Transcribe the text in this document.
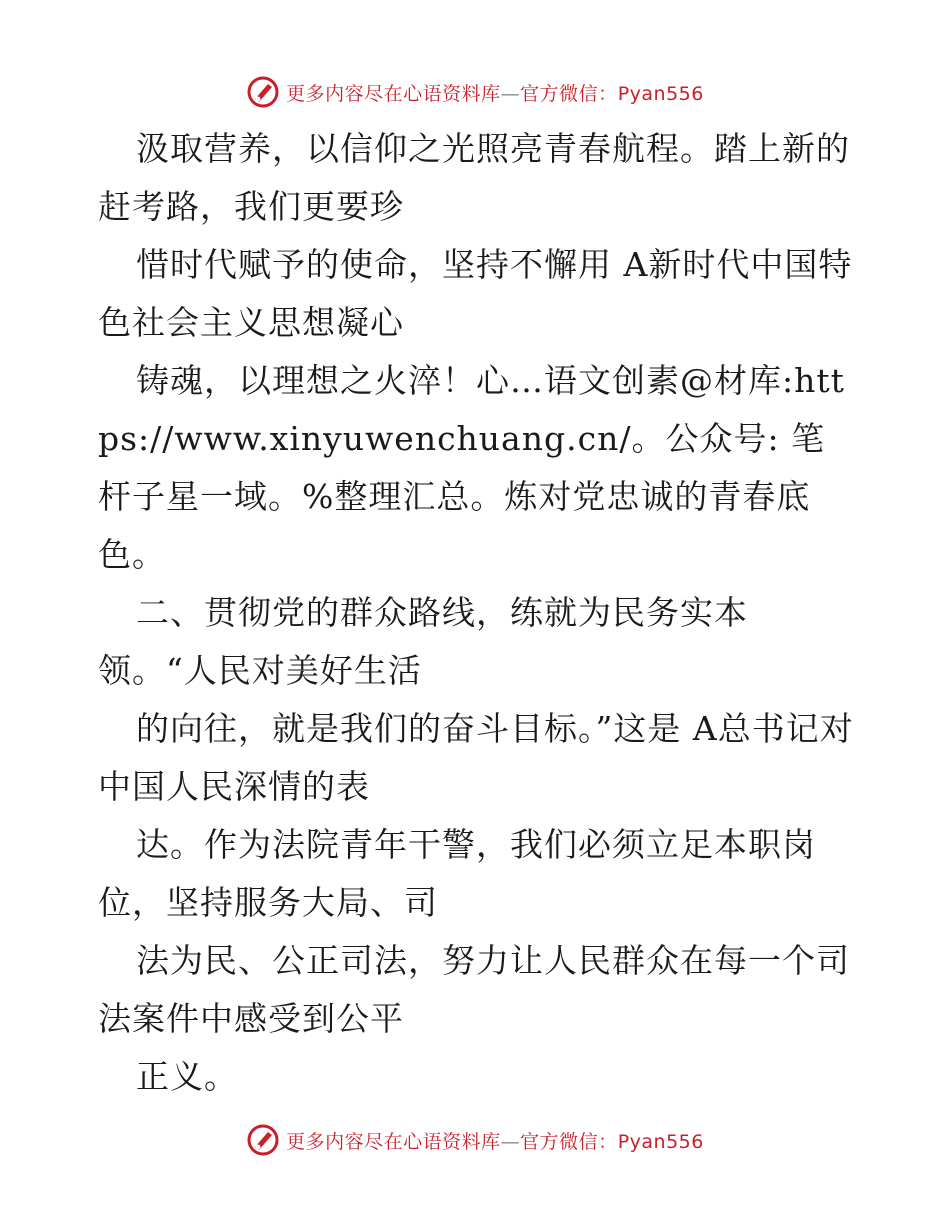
更多内容尽在心语资料库—官方微信：Pyan556

汲取营养，以信仰之光照亮青春航程。踏上新的赶考路，我们更要珍

惜时代赋予的使命，坚持不懈用 A新时代中国特色社会主义思想凝心

铸魂，以理想之火淬！心…语文创素@材库:https://www.xinyuwenchuang.cn/。公众号: 笔杆子星一域。%整理汇总。炼对党忠诚的青春底色。

二、贯彻党的群众路线，练就为民务实本领。“人民对美好生活

的向往，就是我们的奋斗目标。”这是 A总书记对中国人民深情的表

达。作为法院青年干警，我们必须立足本职岗位，坚持服务大局、司

法为民、公正司法，努力让人民群众在每一个司法案件中感受到公平

正义。

更多内容尽在心语资料库—官方微信：Pyan556
